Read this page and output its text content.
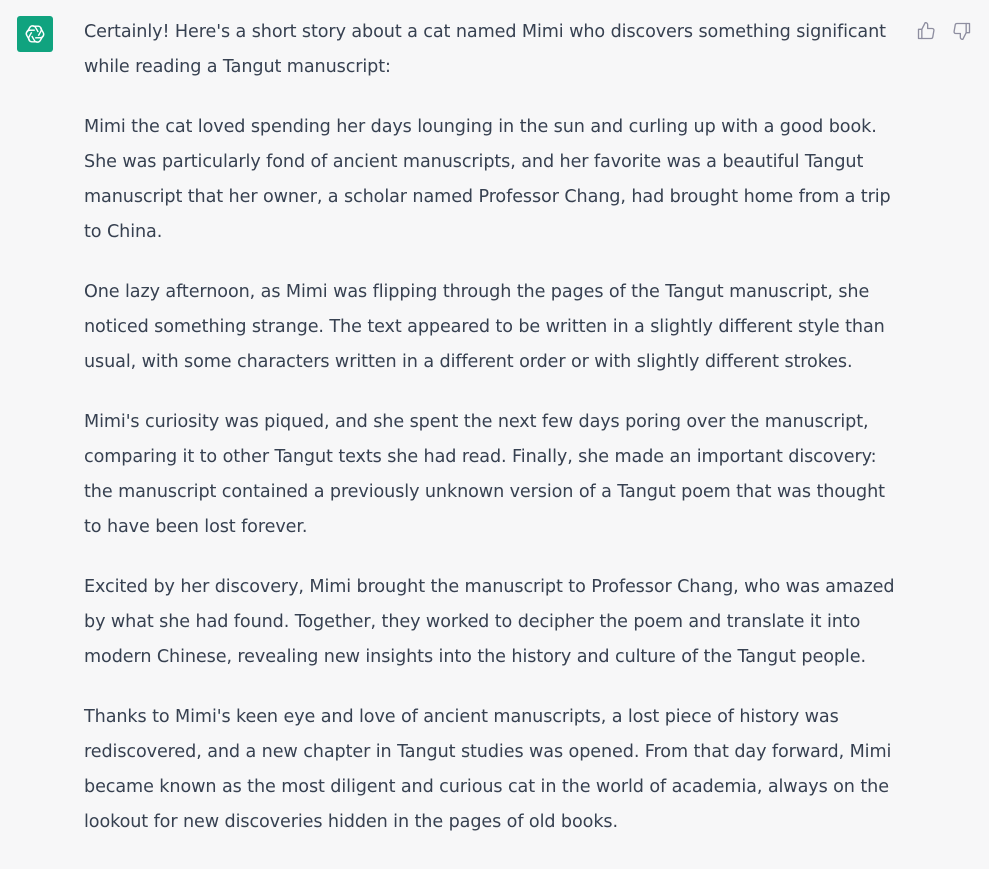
Certainly! Here's a short story about a cat named Mimi who discovers something significant
while reading a Tangut manuscript:

Mimi the cat loved spending her days lounging in the sun and curling up with a good book.
She was particularly fond of ancient manuscripts, and her favorite was a beautiful Tangut
manuscript that her owner, a scholar named Professor Chang, had brought home from a trip
to China.

One lazy afternoon, as Mimi was flipping through the pages of the Tangut manuscript, she
noticed something strange. The text appeared to be written in a slightly different style than
usual, with some characters written in a different order or with slightly different strokes.

Mimi's curiosity was piqued, and she spent the next few days poring over the manuscript,
comparing it to other Tangut texts she had read. Finally, she made an important discovery:
the manuscript contained a previously unknown version of a Tangut poem that was thought
to have been lost forever.

Excited by her discovery, Mimi brought the manuscript to Professor Chang, who was amazed
by what she had found. Together, they worked to decipher the poem and translate it into
modern Chinese, revealing new insights into the history and culture of the Tangut people.

Thanks to Mimi's keen eye and love of ancient manuscripts, a lost piece of history was
rediscovered, and a new chapter in Tangut studies was opened. From that day forward, Mimi
became known as the most diligent and curious cat in the world of academia, always on the
lookout for new discoveries hidden in the pages of old books.
